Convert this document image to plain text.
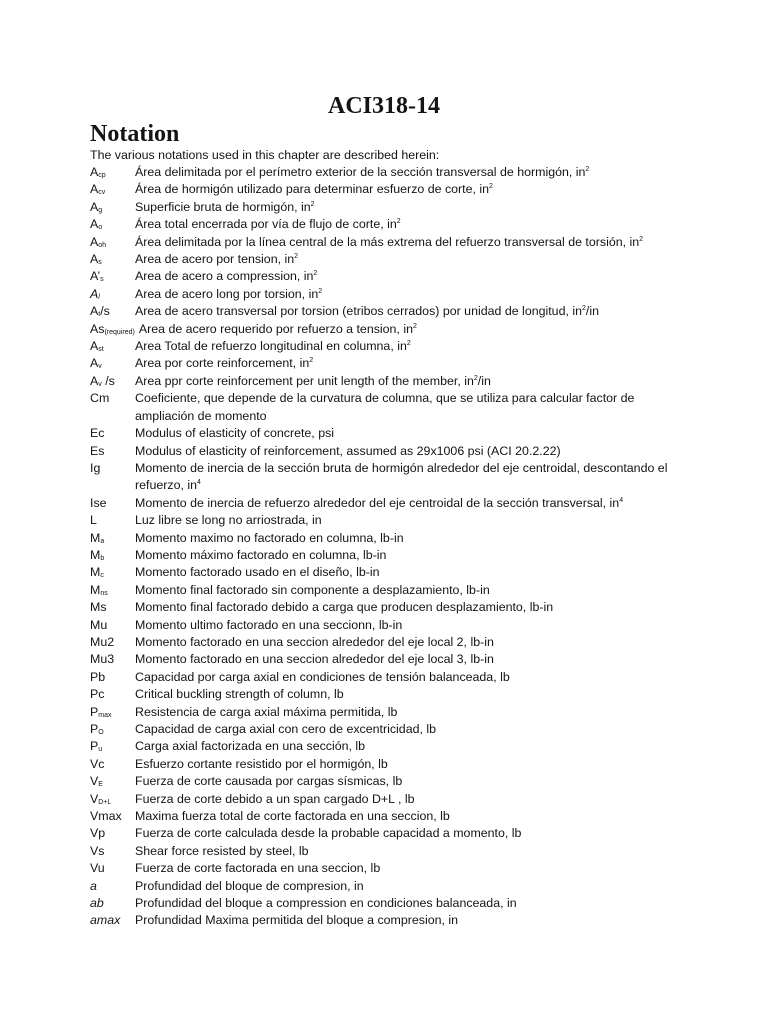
ACI318-14
Notation
The various notations used in this chapter are described herein:
$A_{cp}$	Área delimitada por el perímetro exterior de la sección transversal de hormigón, $in^2$
$A_{cv}$	Área de hormigón utilizado para determinar esfuerzo de corte, $in^2$
$A_g$	Superficie bruta de hormigón, $in^2$
$A_o$	Área total encerrada por vía de flujo de corte, $in^2$
$A_{oh}$	Área delimitada por la línea central de la más extrema del refuerzo transversal de torsión, $in^2$
$A_s$	Area de acero por tension, $in^2$
$A’_s$	Area de acero a compression, $in^2$
$A_l$	Area de acero long por torsion, $in^2$
$A_t/s$	Area de acero transversal por torsion (etribos cerrados) por unidad de longitud, $in^2/in$
$As_{(required)}$ Area de acero requerido por refuerzo a tension, $in^2$
$A_{st}$	Area Total de refuerzo longitudinal en columna, $in^2$
$A_v$	Area por corte reinforcement, $in^2$
$A_v$ /s	Area ppr corte reinforcement per unit length of the member, $in^2/in$
Cm	Coeficiente, que depende de la curvatura de columna, que se utiliza para calcular factor de ampliación de momento
Ec	Modulus of elasticity of concrete, psi
Es	Modulus of elasticity of reinforcement, assumed as 29x1006 psi (ACI 20.2.22)
Ig	Momento de inercia de la sección bruta de hormigón alrededor del eje centroidal, descontando el refuerzo, $in^4$
Ise	Momento de inercia de refuerzo alrededor del eje centroidal de la sección transversal, $in^4$
L	Luz libre se long no arriostrada, in
$M_a$	Momento maximo no factorado en columna, lb-in
$M_b$	Momento máximo factorado en columna, lb-in
$M_c$	Momento factorado usado en el diseño, lb-in
$M_{ns}$	Momento final factorado sin componente a desplazamiento, lb-in
Ms	Momento final factorado debido a carga que producen desplazamiento, lb-in
Mu	Momento ultimo factorado en una seccionn, lb-in
Mu2	Momento factorado en una seccion alrededor del eje local 2, lb-in
Mu3	Momento factorado en una seccion alrededor del eje local 3, lb-in
Pb	Capacidad por carga axial en condiciones de tensión balanceada, lb
Pc	Critical buckling strength of column, lb
$P_{max}$	Resistencia de carga axial máxima permitida, lb
$P_O$	Capacidad de carga axial con cero de excentricidad, lb
$P_u$	Carga axial factorizada en una sección, lb
Vc	Esfuerzo cortante resistido por el hormigón, lb
$V_E$	Fuerza de corte causada por cargas sísmicas, lb
$V_{D+L}$	Fuerza de corte debido a un span cargado D+L , lb
Vmax	Maxima fuerza total de corte factorada en una seccion, lb
Vp	Fuerza de corte calculada desde la probable capacidad a momento, lb
Vs	Shear force resisted by steel, lb
Vu	Fuerza de corte factorada en una seccion, lb
a	Profundidad del bloque de compresion, in
ab	Profundidad del bloque a compression en condiciones balanceada, in
amax	Profundidad Maxima permitida del bloque a compresion, in
